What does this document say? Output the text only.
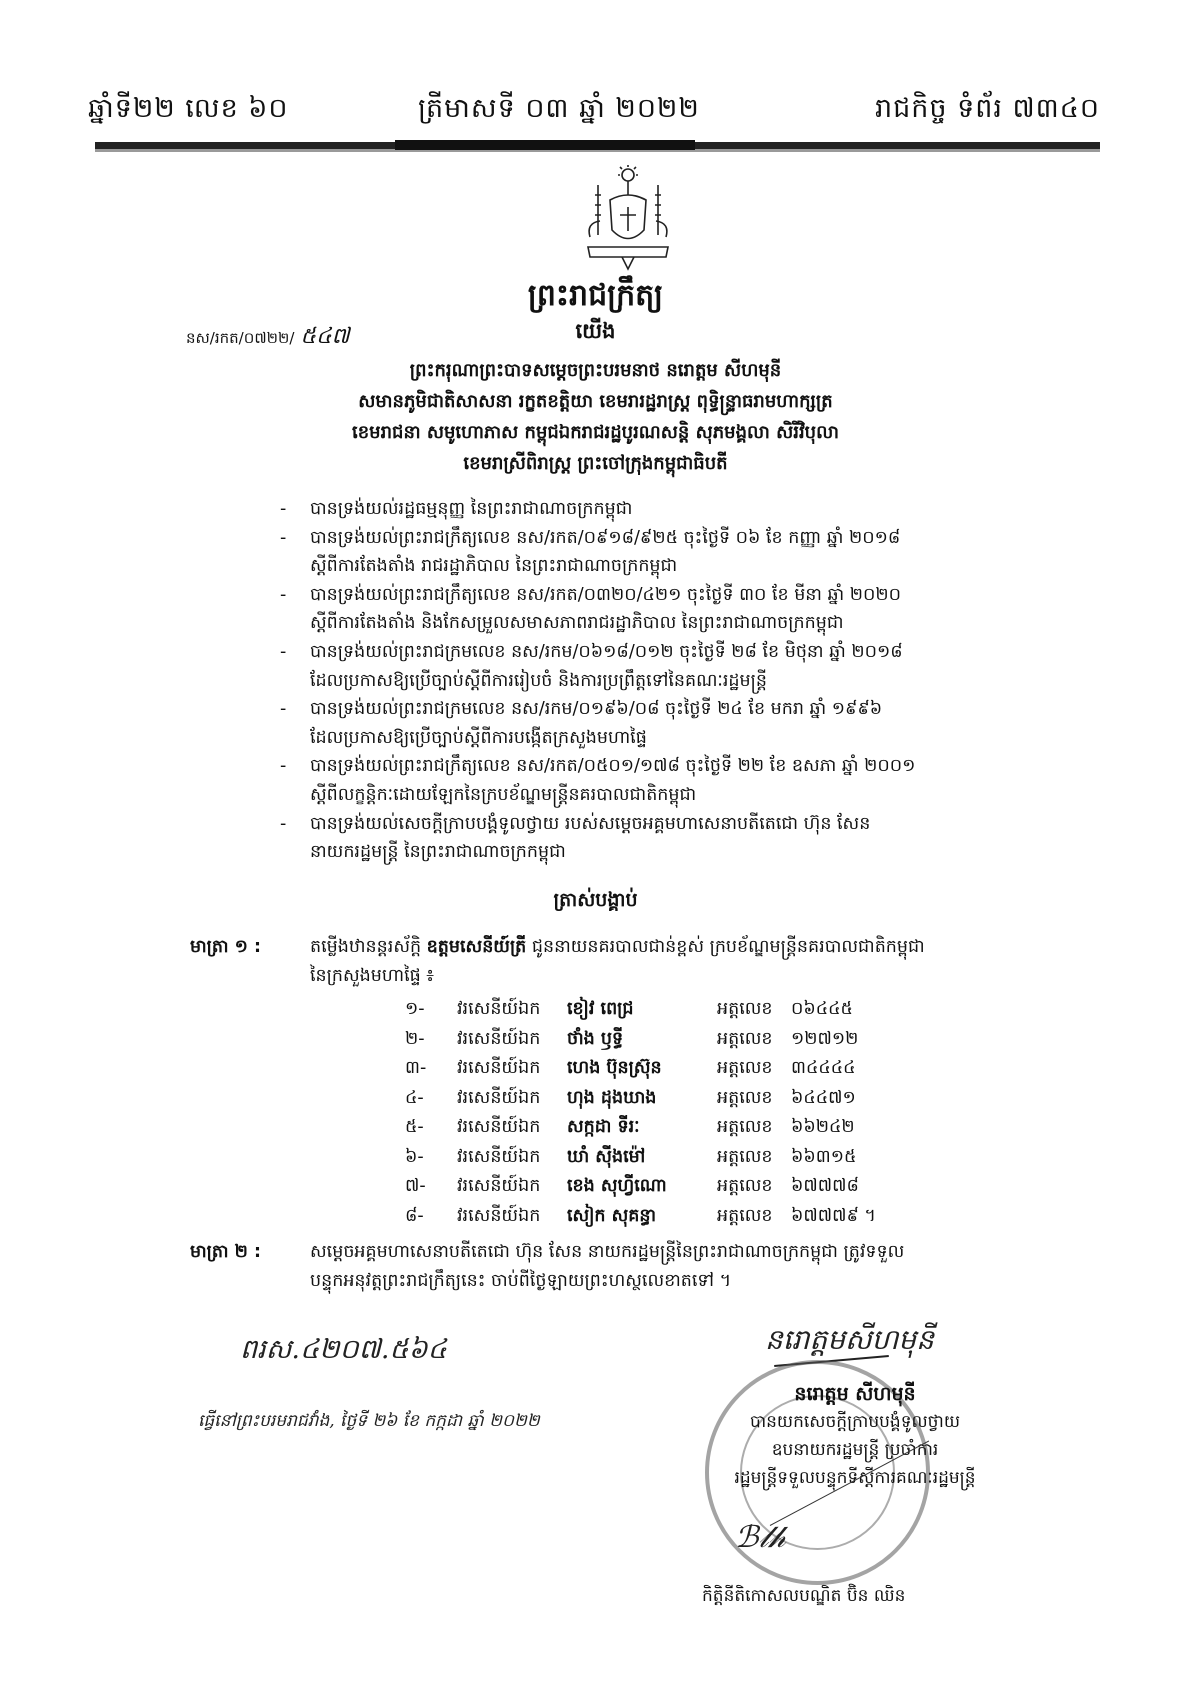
ឆ្នាំទី២២ លេខ ៦០	ត្រីមាសទី ០៣ ឆ្នាំ ២០២២	រាជកិច្ច ទំព័រ ៧៣៤០
ព្រះរាជក្រឹត្យ
នស/រកត/០៧២២/ ៥៤៧	យើង
ព្រះករុណាព្រះបាទសម្តេចព្រះបរមនាថ នរោត្តម សីហមុនី
សមានភូមិជាតិសាសនា រក្ខតខត្តិយា ខេមរារដ្ឋរាស្ត្រ ពុទ្ធិន្ទ្រាធរាមហាក្សត្រ
ខេមរាជនា សមូហោភាស កម្ពុជឯករាជរដ្ឋបូរណសន្តិ សុភមង្គលា សិរីវិបុលា
ខេមរាស្រីពិរាស្ត្រ ព្រះចៅក្រុងកម្ពុជាធិបតី
- បានទ្រង់យល់រដ្ឋធម្មនុញ្ញ នៃព្រះរាជាណាចក្រកម្ពុជា
- បានទ្រង់យល់ព្រះរាជក្រឹត្យលេខ នស/រកត/០៩១៨/៩២៥ ចុះថ្ងៃទី ០៦ ខែ កញ្ញា ឆ្នាំ ២០១៨
ស្តីពីការតែងតាំង រាជរដ្ឋាភិបាល នៃព្រះរាជាណាចក្រកម្ពុជា
- បានទ្រង់យល់ព្រះរាជក្រឹត្យលេខ នស/រកត/០៣២០/៤២១ ចុះថ្ងៃទី ៣០ ខែ មីនា ឆ្នាំ ២០២០
ស្តីពីការតែងតាំង និងកែសម្រួលសមាសភាពរាជរដ្ឋាភិបាល នៃព្រះរាជាណាចក្រកម្ពុជា
- បានទ្រង់យល់ព្រះរាជក្រមលេខ នស/រកម/០៦១៨/០១២ ចុះថ្ងៃទី ២៨ ខែ មិថុនា ឆ្នាំ ២០១៨
ដែលប្រកាសឱ្យប្រើច្បាប់ស្តីពីការរៀបចំ និងការប្រព្រឹត្តទៅនៃគណៈរដ្ឋមន្ត្រី
- បានទ្រង់យល់ព្រះរាជក្រមលេខ នស/រកម/០១៩៦/០៨ ចុះថ្ងៃទី ២៤ ខែ មករា ឆ្នាំ ១៩៩៦
ដែលប្រកាសឱ្យប្រើច្បាប់ស្តីពីការបង្កើតក្រសួងមហាផ្ទៃ
- បានទ្រង់យល់ព្រះរាជក្រឹត្យលេខ នស/រកត/០៥០១/១៧៨ ចុះថ្ងៃទី ២២ ខែ ឧសភា ឆ្នាំ ២០០១
ស្តីពីលក្ខន្តិកៈដោយឡែកនៃក្របខ័ណ្ឌមន្ត្រីនគរបាលជាតិកម្ពុជា
- បានទ្រង់យល់សេចក្តីក្រាបបង្គំទូលថ្វាយ របស់សម្តេចអគ្គមហាសេនាបតីតេជោ ហ៊ុន សែន
នាយករដ្ឋមន្ត្រី នៃព្រះរាជាណាចក្រកម្ពុជា
ត្រាស់បង្គាប់
មាត្រា ១ :	តម្លើងឋានន្តរស័ក្តិ ឧត្តមសេនីយ៍ត្រី ជូននាយនគរបាលជាន់ខ្ពស់ ក្របខ័ណ្ឌមន្ត្រីនគរបាលជាតិកម្ពុជា
នៃក្រសួងមហាផ្ទៃ ៖
១-	វរសេនីយ៍ឯក	ខៀវ ពេជ្រ	អត្តលេខ	០៦៤៤៥
២-	វរសេនីយ៍ឯក	ថាំង ឫទ្ធី	អត្តលេខ	១២៧១២
៣-	វរសេនីយ៍ឯក	ហេង ប៊ុនស្រ៊ុន	អត្តលេខ	៣៤៤៤៤
៤-	វរសេនីយ៍ឯក	ហុង ដុងឃាង	អត្តលេខ	៦៤៤៧១
៥-	វរសេនីយ៍ឯក	សក្កដា ទីរៈ	អត្តលេខ	៦៦២៤២
៦-	វរសេនីយ៍ឯក	ឃាំ ស៊ីងម៉ៅ	អត្តលេខ	៦៦៣១៥
៧-	វរសេនីយ៍ឯក	ខេង សុហ្វីណោ	អត្តលេខ	៦៧៧៧៨
៨-	វរសេនីយ៍ឯក	សៀក សុគន្ធា	អត្តលេខ	៦៧៧៧៩ ។
មាត្រា ២ :	សម្តេចអគ្គមហាសេនាបតីតេជោ ហ៊ុន សែន នាយករដ្ឋមន្ត្រីនៃព្រះរាជាណាចក្រកម្ពុជា ត្រូវទទួល
បន្ទុកអនុវត្តព្រះរាជក្រឹត្យនេះ ចាប់ពីថ្ងៃឡាយព្រះហស្ថលេខាតទៅ ។
ពរស.៤២០៧.៥៦៤
ធ្វើនៅព្រះបរមរាជវាំង, ថ្ងៃទី ២៦ ខែ កក្កដា ឆ្នាំ ២០២២
នរោត្តមសីហមុនី
នរោត្តម សីហមុនី
បានយកសេចក្តីក្រាបបង្គំទូលថ្វាយ
ឧបនាយករដ្ឋមន្ត្រី ប្រចាំការ
រដ្ឋមន្ត្រីទទួលបន្ទុកទីស្តីការគណៈរដ្ឋមន្ត្រី
ℬ𝓁𝒽
កិត្តិនីតិកោសលបណ្ឌិត ប៊ិន ឈិន
